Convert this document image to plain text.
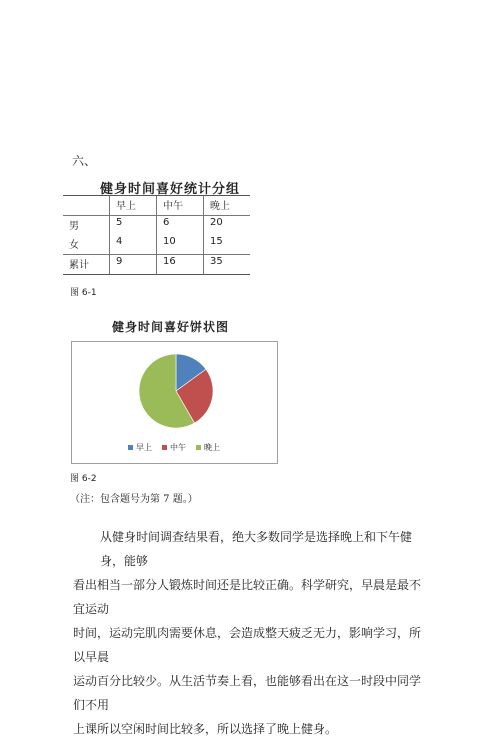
六、
健身时间喜好统计分组
	早上	中午	晚上
男	5	6	20
女	4	10	15
累计	9	16	35
图 6-1
健身时间喜好饼状图
早上 中午 晚上
图 6-2
（注：包含题号为第 7 题。）

从健身时间调查结果看，绝大多数同学是选择晚上和下午健身，能够

看出相当一部分人锻炼时间还是比较正确。科学研究，早晨是最不宜运动

时间，运动完肌肉需要休息，会造成整天疲乏无力，影响学习，所以早晨

运动百分比较少。从生活节奏上看，也能够看出在这一时段中同学们不用

上课所以空闲时间比较多，所以选择了晚上健身。
